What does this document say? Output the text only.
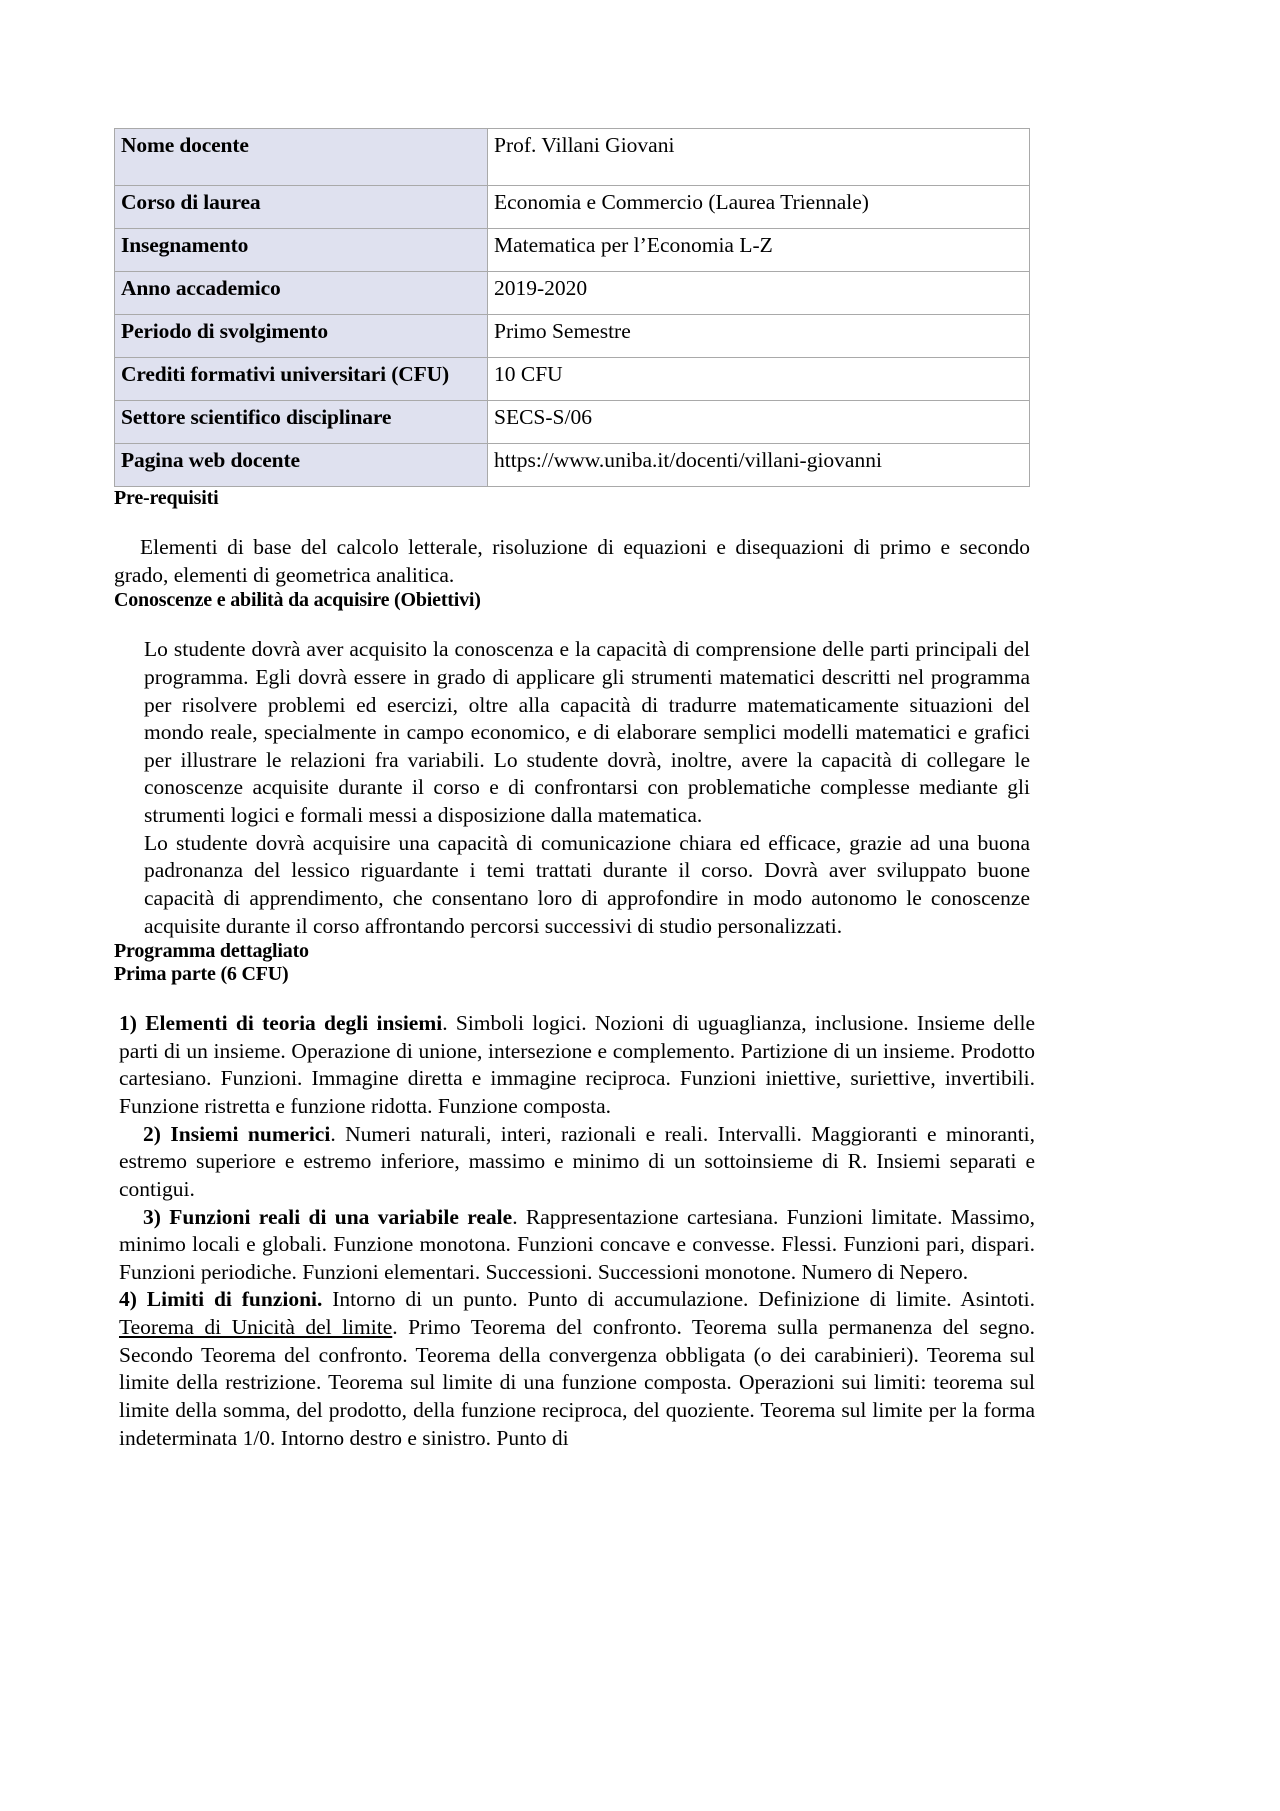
Nome docente	Prof. Villani Giovani
Corso di laurea	Economia e Commercio (Laurea Triennale)
Insegnamento	Matematica per l’Economia L-Z
Anno accademico	2019-2020
Periodo di svolgimento	Primo Semestre
Crediti formativi universitari (CFU)	10 CFU
Settore scientifico disciplinare	SECS-S/06
Pagina web docente	https://www.uniba.it/docenti/villani-giovanni
Pre-requisiti

Elementi di base del calcolo letterale, risoluzione di equazioni e disequazioni di primo e secondo grado, elementi di geometrica analitica.

Conoscenze e abilità da acquisire (Obiettivi)

Lo studente dovrà aver acquisito la conoscenza e la capacità di comprensione delle parti principali del programma. Egli dovrà essere in grado di applicare gli strumenti matematici descritti nel programma per risolvere problemi ed esercizi, oltre alla capacità di tradurre matematicamente situazioni del mondo reale, specialmente in campo economico, e di elaborare semplici modelli matematici e grafici per illustrare le relazioni fra variabili. Lo studente dovrà, inoltre, avere la capacità di collegare le conoscenze acquisite durante il corso e di confrontarsi con problematiche complesse mediante gli strumenti logici e formali messi a disposizione dalla matematica.

Lo studente dovrà acquisire una capacità di comunicazione chiara ed efficace, grazie ad una buona padronanza del lessico riguardante i temi trattati durante il corso. Dovrà aver sviluppato buone capacità di apprendimento, che consentano loro di approfondire in modo autonomo le conoscenze acquisite durante il corso affrontando percorsi successivi di studio personalizzati.

Programma dettagliato
Prima parte (6 CFU)

1) Elementi di teoria degli insiemi. Simboli logici. Nozioni di uguaglianza, inclusione. Insieme delle parti di un insieme. Operazione di unione, intersezione e complemento. Partizione di un insieme. Prodotto cartesiano. Funzioni. Immagine diretta e immagine reciproca. Funzioni iniettive, suriettive, invertibili. Funzione ristretta e funzione ridotta. Funzione composta.

2) Insiemi numerici. Numeri naturali, interi, razionali e reali. Intervalli. Maggioranti e minoranti, estremo superiore e estremo inferiore, massimo e minimo di un sottoinsieme di R. Insiemi separati e contigui.

3) Funzioni reali di una variabile reale. Rappresentazione cartesiana. Funzioni limitate. Massimo, minimo locali e globali. Funzione monotona. Funzioni concave e convesse. Flessi. Funzioni pari, dispari. Funzioni periodiche. Funzioni elementari. Successioni. Successioni monotone. Numero di Nepero.

4) Limiti di funzioni. Intorno di un punto. Punto di accumulazione. Definizione di limite. Asintoti. Teorema di Unicità del limite. Primo Teorema del confronto. Teorema sulla permanenza del segno. Secondo Teorema del confronto. Teorema della convergenza obbligata (o dei carabinieri). Teorema sul limite della restrizione. Teorema sul limite di una funzione composta. Operazioni sui limiti: teorema sul limite della somma, del prodotto, della funzione reciproca, del quoziente. Teorema sul limite per la forma indeterminata 1/0. Intorno destro e sinistro. Punto di
